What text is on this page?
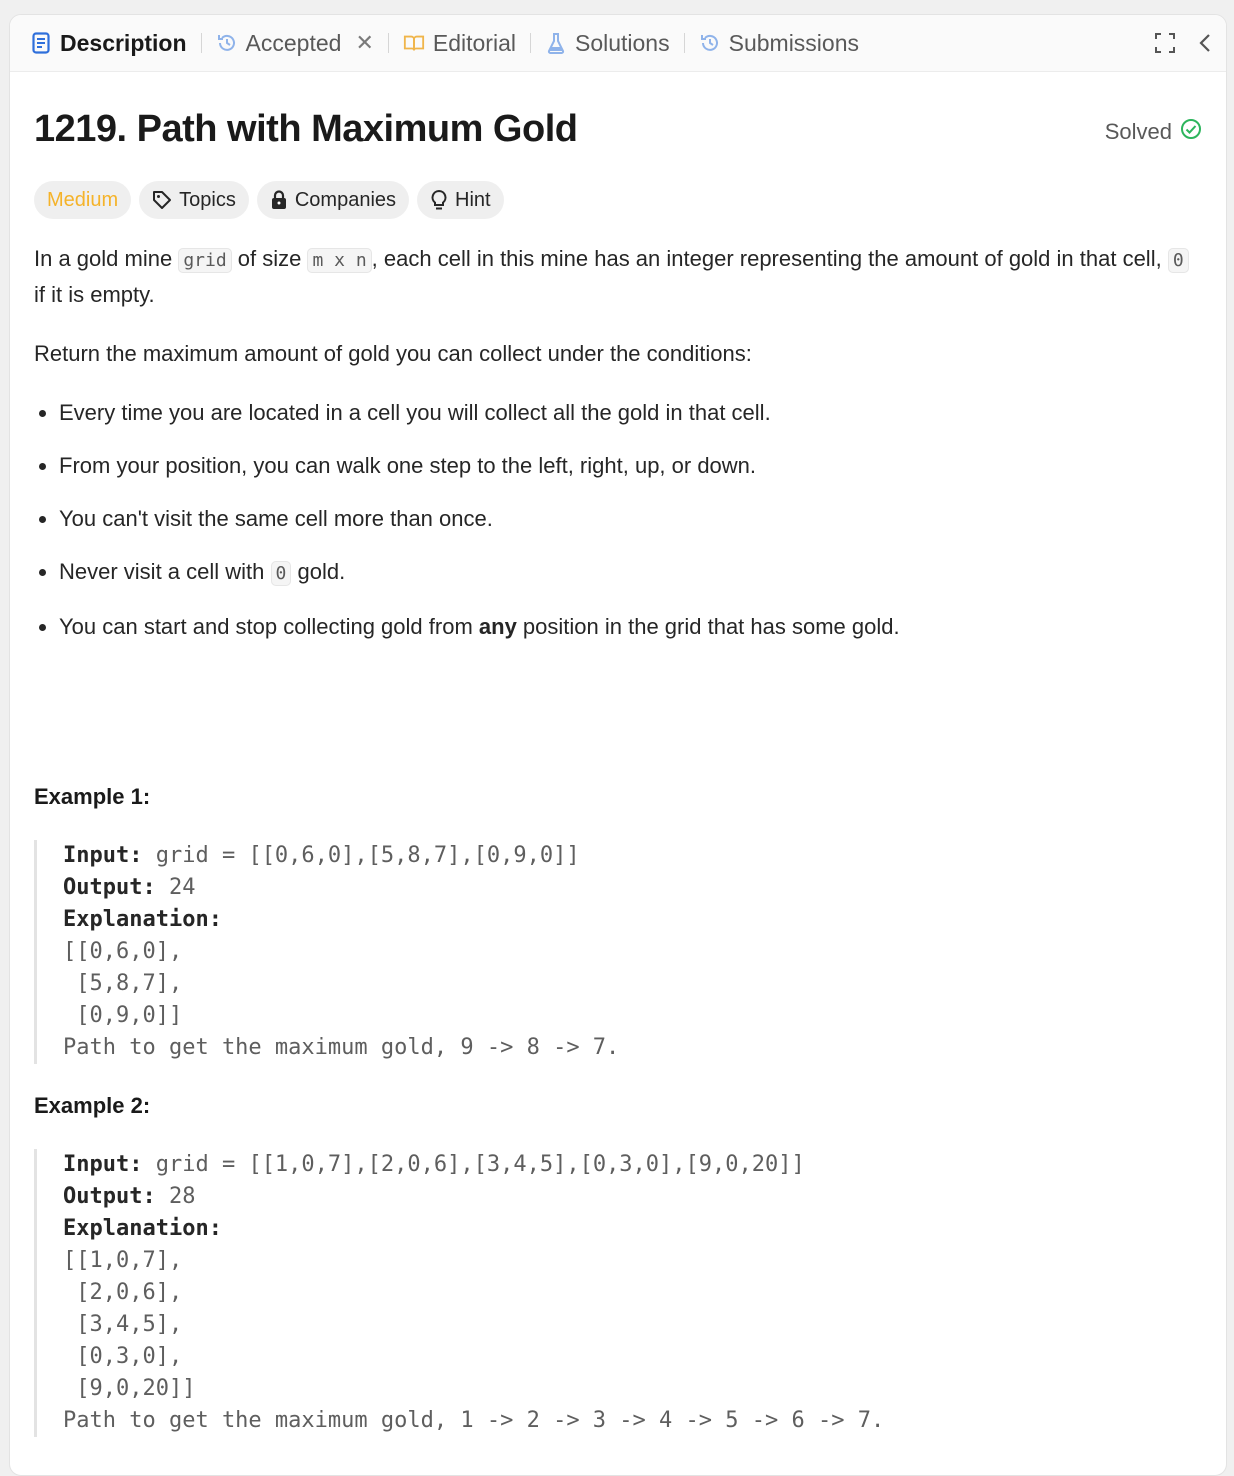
Description	Accepted ✕	Editorial	Solutions	Submissions
1219. Path with Maximum Gold	Solved
Medium	Topics	Companies	Hint

In a gold mine grid of size m x n , each cell in this mine has an integer representing the amount of gold in that cell, 0 if it is empty.

Return the maximum amount of gold you can collect under the conditions:

• Every time you are located in a cell you will collect all the gold in that cell.
• From your position, you can walk one step to the left, right, up, or down.
• You can't visit the same cell more than once.
• Never visit a cell with 0 gold.
• You can start and stop collecting gold from any position in the grid that has some gold.
Example 1:
Input: grid = [[0,6,0],[5,8,7],[0,9,0]]
Output: 24
Explanation:
[[0,6,0],
[5,8,7],
[0,9,0]]
Path to get the maximum gold, 9 -> 8 -> 7.
Example 2:
Input: grid = [[1,0,7],[2,0,6],[3,4,5],[0,3,0],[9,0,20]]
Output: 28
Explanation:
[[1,0,7],
[2,0,6],
[3,4,5],
[0,3,0],
[9,0,20]]
Path to get the maximum gold, 1 -> 2 -> 3 -> 4 -> 5 -> 6 -> 7.
